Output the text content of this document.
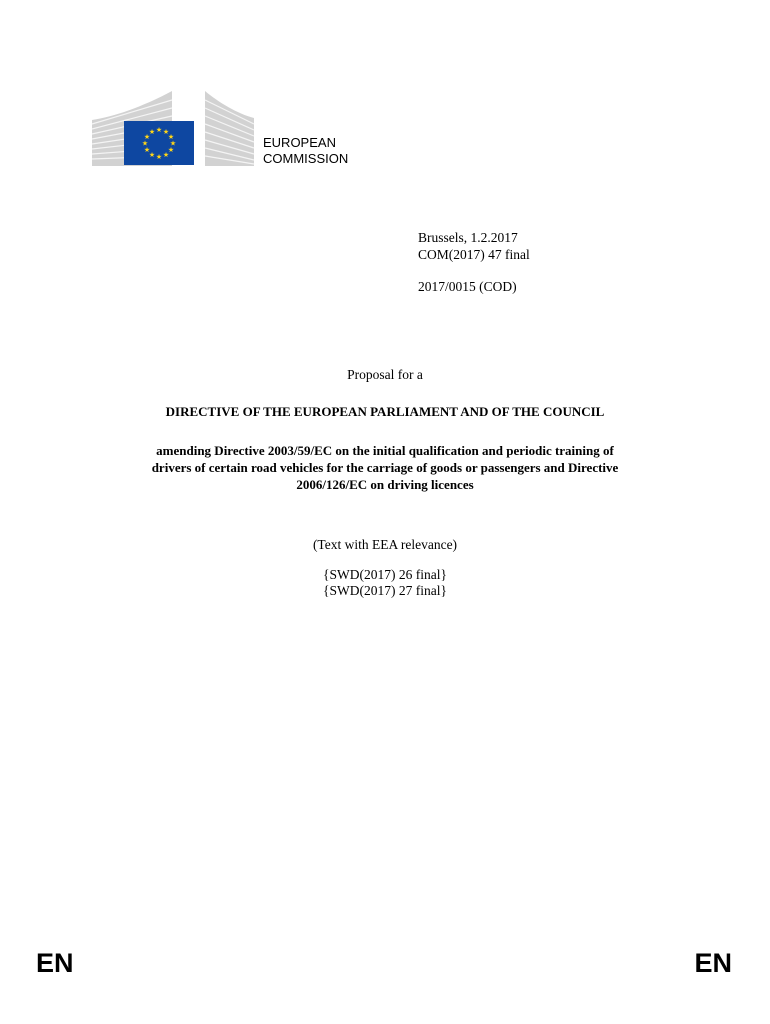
★ ★
★
★
★
★
★
★
★
★
★
★
EUROPEAN
COMMISSION
Brussels, 1.2.2017
COM(2017) 47 final
2017/0015 (COD)
Proposal for a
DIRECTIVE OF THE EUROPEAN PARLIAMENT AND OF THE COUNCIL
amending Directive 2003/59/EC on the initial qualification and periodic training of
drivers of certain road vehicles for the carriage of goods or passengers and Directive
2006/126/EC on driving licences
(Text with EEA relevance)
{SWD(2017) 26 final}
{SWD(2017) 27 final}
EN	EN
